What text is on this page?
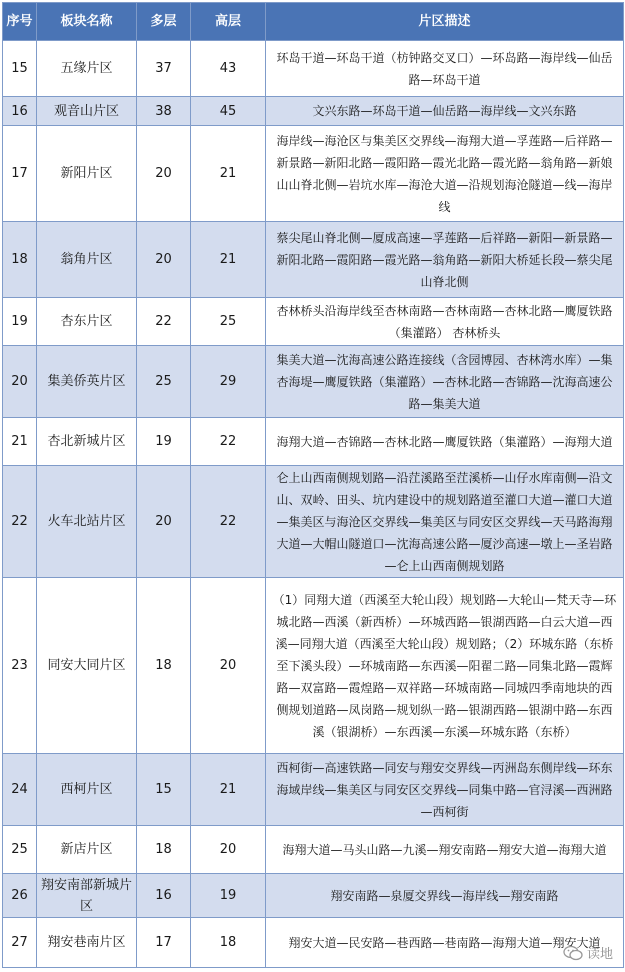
序号	板块名称	多层	高层	片区描述
15	五缘片区	37	43	环岛干道—环岛干道（枋钟路交叉口）—环岛路—海岸线—仙岳路—环岛干道
16	观音山片区	38	45	文兴东路—环岛干道—仙岳路—海岸线—文兴东路
17	新阳片区	20	21	海岸线—海沧区与集美区交界线—海翔大道—孚莲路—后祥路—新景路—新阳北路—霞阳路—霞光北路—霞光路—翁角路—新娘山山脊北侧—岩坑水库—海沧大道—沿规划海沧隧道—线—海岸线
18	翁角片区	20	21	蔡尖尾山脊北侧—厦成高速—孚莲路—后祥路—新阳—新景路—新阳北路—霞阳路—霞光路—翁角路—新阳大桥延长段—蔡尖尾山脊北侧
19	杏东片区	22	25	杏林桥头沿海岸线至杏林南路—杏林南路—杏林北路—鹰厦铁路（集灌路） 杏林桥头
20	集美侨英片区	25	29	集美大道—沈海高速公路连接线（含园博园、杏林湾水库）—集杏海堤—鹰厦铁路（集灌路）—杏林北路—杏锦路—沈海高速公路—集美大道
21	杏北新城片区	19	22	海翔大道—杏锦路—杏林北路—鹰厦铁路（集灌路）—海翔大道
22	火车北站片区	20	22	仑上山西南侧规划路—沿茳溪路至茳溪桥—山仔水库南侧—沿文山、双岭、田头、坑内建设中的规划路道至灌口大道—灌口大道—集美区与海沧区交界线—集美区与同安区交界线—天马路海翔大道—大帽山隧道口—沈海高速公路—厦沙高速—墩上—圣岩路—仑上山西南侧规划路
23	同安大同片区	18	20	（1）同翔大道（西溪至大轮山段）规划路—大轮山—梵天寺—环城北路—西溪（新西桥）—环城西路—银湖西路—白云大道—西溪—同翔大道（西溪至大轮山段）规划路；（2）环城东路（东桥至下溪头段）—环城南路—东西溪—阳翟二路—同集北路—霞辉路—双富路—霞煌路—双祥路—环城南路—同城四季南地块的西侧规划道路—凤岗路—规划纵一路—银湖西路—银湖中路—东西溪（银湖桥）—东西溪—东溪—环城东路（东桥）
24	西柯片区	15	21	西柯街—高速铁路—同安与翔安交界线—丙洲岛东侧岸线—环东海域岸线—集美区与同安区交界线—同集中路—官浔溪—西洲路—西柯街
25	新店片区	18	20	海翔大道—马头山路—九溪—翔安南路—翔安大道—海翔大道
26	翔安南部新城片区	16	19	翔安南路—泉厦交界线—海岸线—翔安南路
27	翔安巷南片区	17	18	翔安大道—民安路—巷西路—巷南路—海翔大道—翔安大道
读地
